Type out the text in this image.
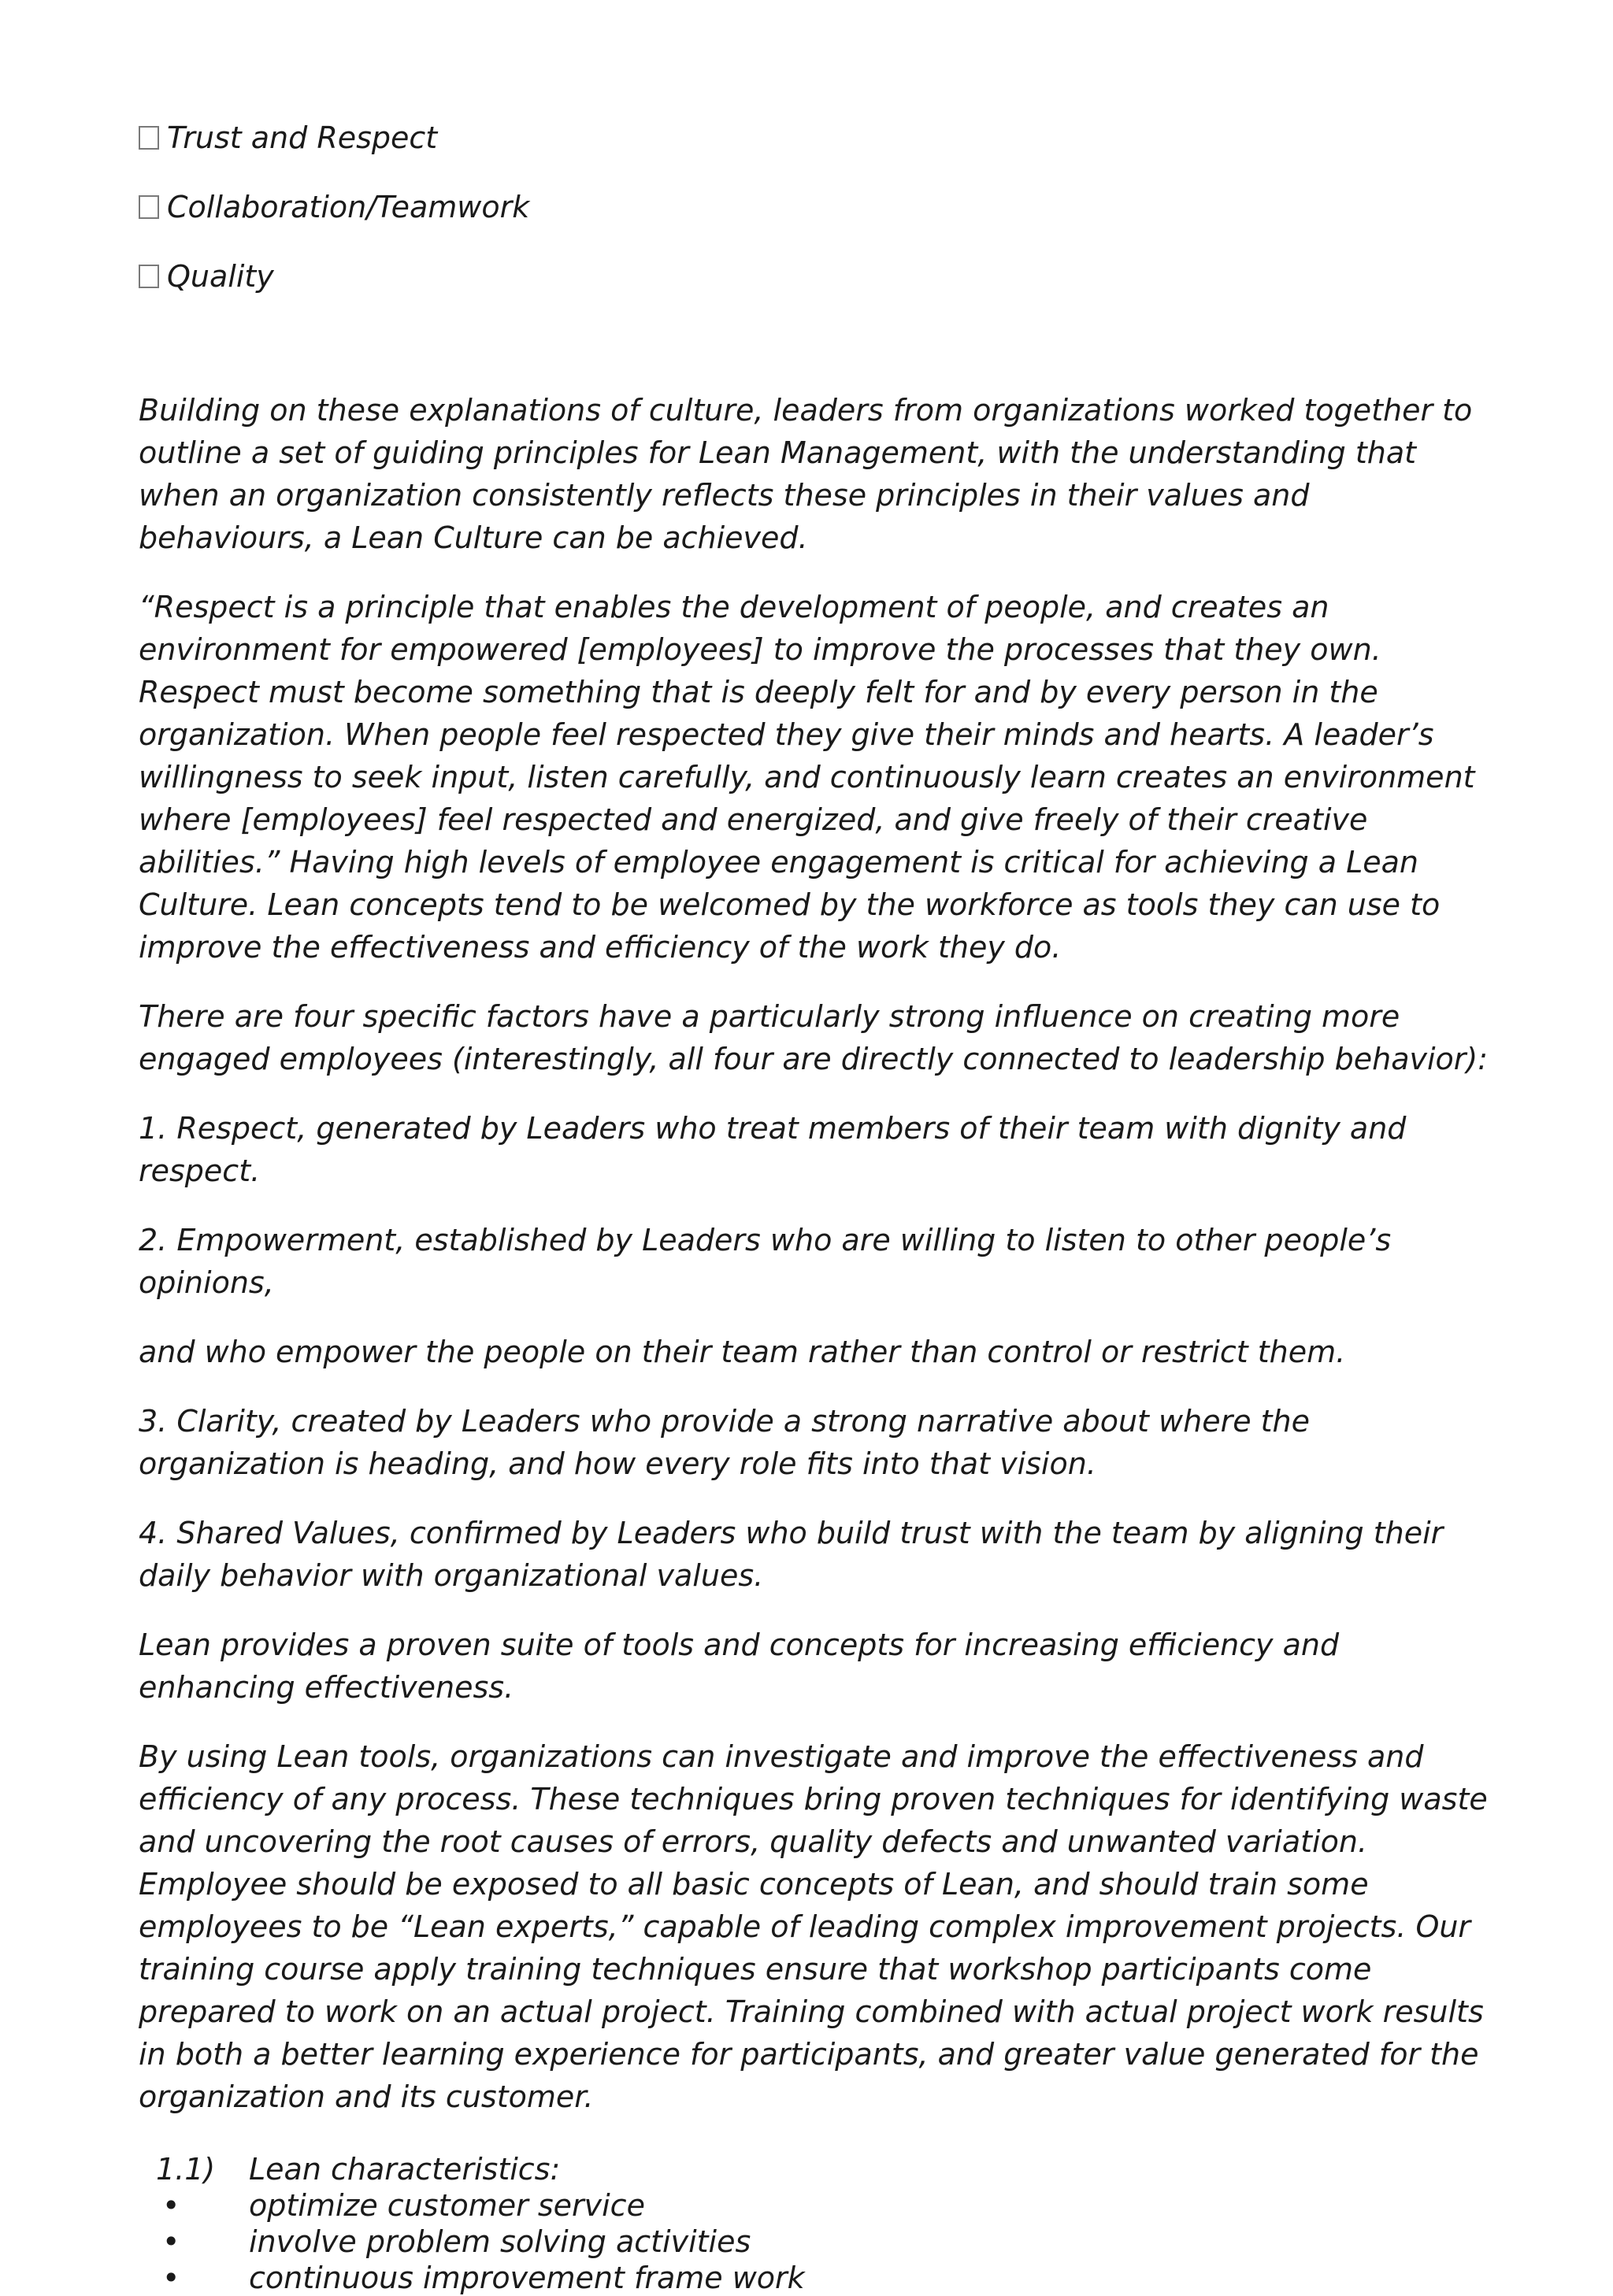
Trust and Respect
Collaboration/Teamwork
Quality

Building on these explanations of culture, leaders from organizations worked together to outline a set of guiding principles for Lean Management, with the understanding that when an organization consistently reflects these principles in their values and behaviours, a Lean Culture can be achieved.

“Respect is a principle that enables the development of people, and creates an environment for empowered [employees] to improve the processes that they own. Respect must become something that is deeply felt for and by every person in the organization. When people feel respected they give their minds and hearts. A leader’s willingness to seek input, listen carefully, and continuously learn creates an environment where [employees] feel respected and energized, and give freely of their creative abilities.” Having high levels of employee engagement is critical for achieving a Lean Culture. Lean concepts tend to be welcomed by the workforce as tools they can use to improve the effectiveness and efficiency of the work they do.

There are four specific factors have a particularly strong influence on creating more engaged employees (interestingly, all four are directly connected to leadership behavior):

1. Respect, generated by Leaders who treat members of their team with dignity and respect.

2. Empowerment, established by Leaders who are willing to listen to other people’s opinions,

and who empower the people on their team rather than control or restrict them.

3. Clarity, created by Leaders who provide a strong narrative about where the organization is heading, and how every role fits into that vision.

4. Shared Values, confirmed by Leaders who build trust with the team by aligning their daily behavior with organizational values.

Lean provides a proven suite of tools and concepts for increasing efficiency and enhancing effectiveness.

By using Lean tools, organizations can investigate and improve the effectiveness and efficiency of any process. These techniques bring proven techniques for identifying waste and uncovering the root causes of errors, quality defects and unwanted variation. Employee should be exposed to all basic concepts of Lean, and should train some employees to be “Lean experts,” capable of leading complex improvement projects. Our training course apply training techniques ensure that workshop participants come prepared to work on an actual project. Training combined with actual project work results in both a better learning experience for participants, and greater value generated for the organization and its customer.

1.1)	Lean characteristics:
•	optimize customer service
•	involve problem solving activities
•	continuous improvement frame work
